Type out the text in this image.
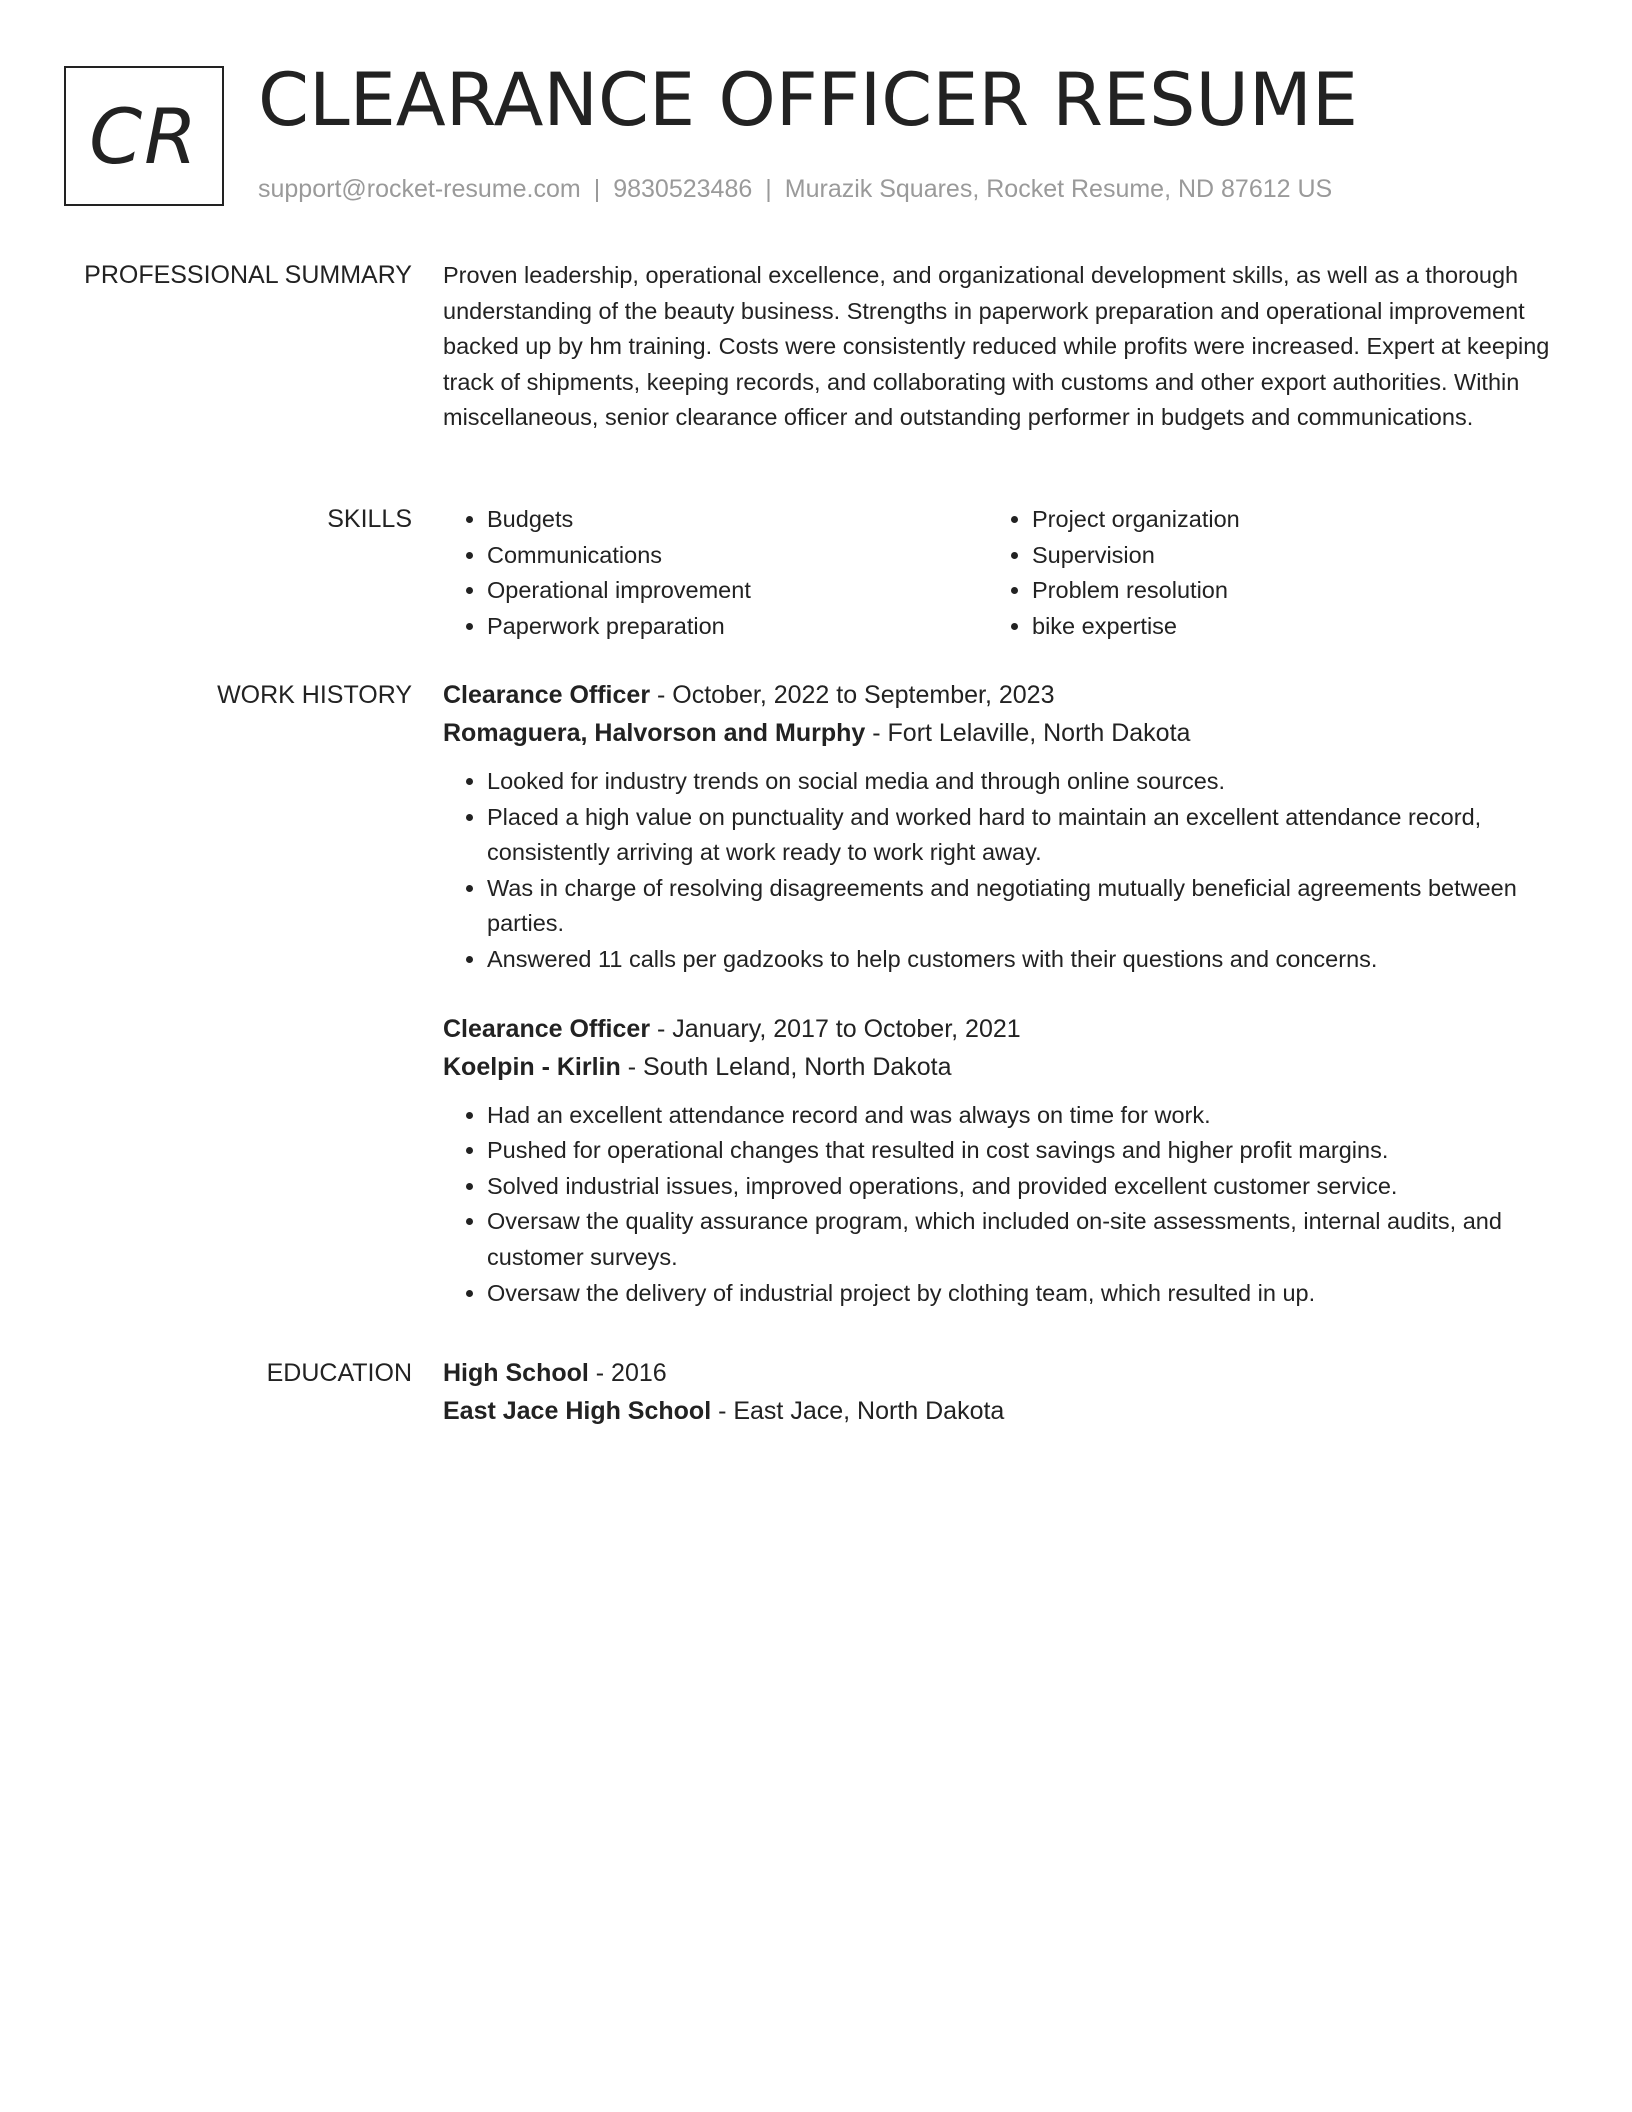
CR CLEARANCE OFFICER RESUME
support@rocket-resume.com | 9830523486 | Murazik Squares, Rocket Resume, ND 87612 US
PROFESSIONAL SUMMARY Proven leadership, operational excellence, and organizational development skills, as well as a thorough understanding of the beauty business. Strengths in paperwork preparation and operational improvement backed up by hm training. Costs were consistently reduced while profits were increased. Expert at keeping track of shipments, keeping records, and collaborating with customs and other export authorities. Within miscellaneous, senior clearance officer and outstanding performer in budgets and communications.

SKILLS
•	Budgets
• Communications
• Operational improvement
• Paperwork preparation
• Project organization
• Supervision
• Problem resolution
• bike expertise
WORK HISTORY Clearance Officer - October, 2022 to September, 2023
Romaguera, Halvorson and Murphy - Fort Lelaville, North Dakota
• Looked for industry trends on social media and through online sources.
• Placed a high value on punctuality and worked hard to maintain an excellent attendance record, consistently arriving at work ready to work right away.
• Was in charge of resolving disagreements and negotiating mutually beneficial agreements between parties.
• Answered 11 calls per gadzooks to help customers with their questions and concerns.
Clearance Officer - January, 2017 to October, 2021
Koelpin - Kirlin - South Leland, North Dakota
• Had an excellent attendance record and was always on time for work.
• Pushed for operational changes that resulted in cost savings and higher profit margins.
• Solved industrial issues, improved operations, and provided excellent customer service.
• Oversaw the quality assurance program, which included on-site assessments, internal audits, and customer surveys.
• Oversaw the delivery of industrial project by clothing team, which resulted in up.
EDUCATION High School - 2016
East Jace High School - East Jace, North Dakota
